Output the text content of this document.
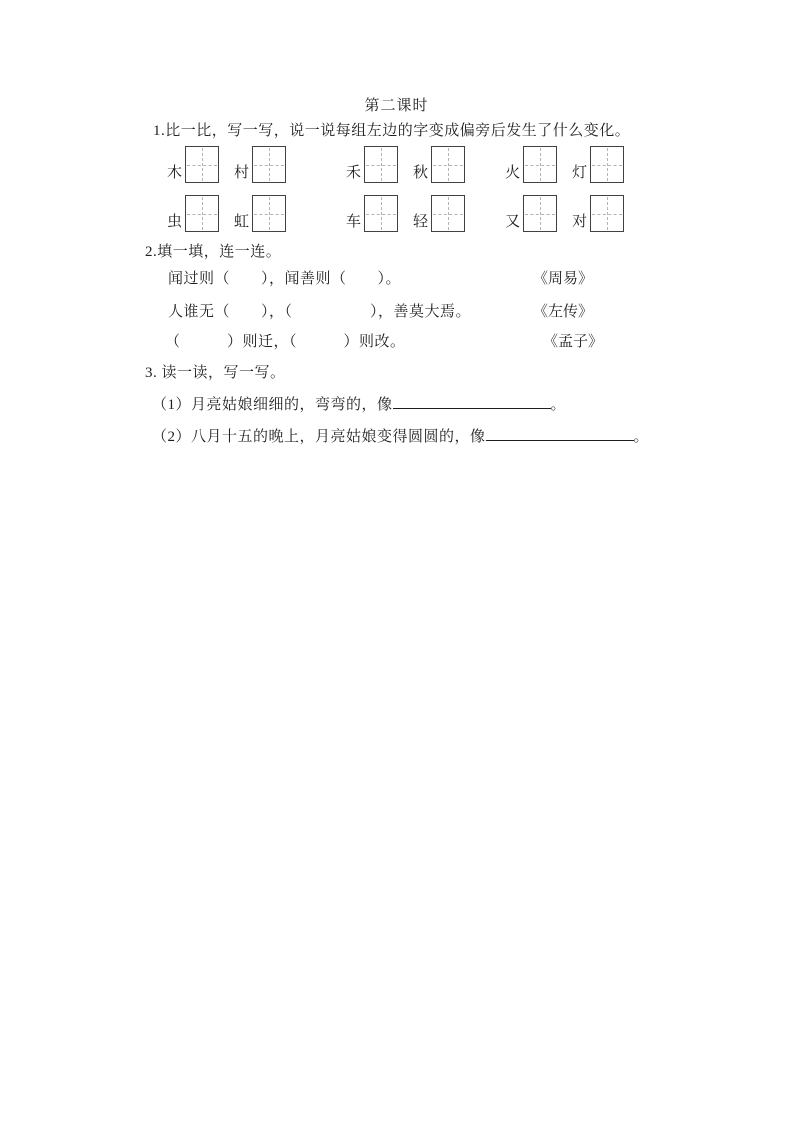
第二课时
1.比一比，写一写，说一说每组左边的字变成偏旁后发生了什么变化。
木	村	禾	秋	火	灯
虫	虹	车	轻	又	对
2.填一填，连一连。
闻过则（　　），闻善则（　　）。	《周易》
人谁无（　　），（　　　　　），善莫大焉。	《左传》
（　　　）则迁，（　　　）则改。	《孟子》
3. 读一读，写一写。
（1）月亮姑娘细细的，弯弯的，像	。
（2）八月十五的晚上，月亮姑娘变得圆圆的，像	。
